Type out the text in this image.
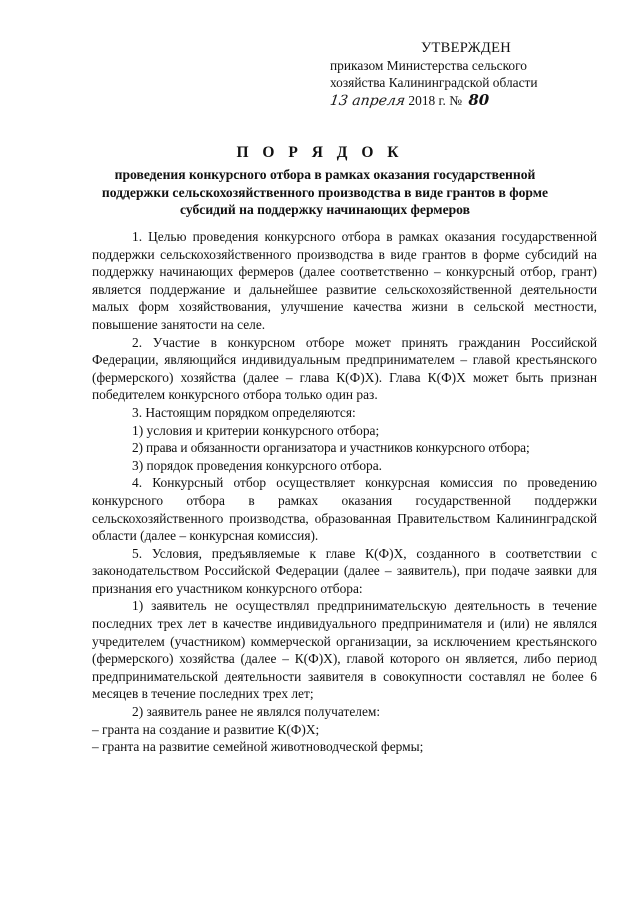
УТВЕРЖДЕН
приказом Министерства сельского
хозяйства Калининградской области
13 апреля 2018 г. № 80
П О Р Я Д О К
проведения конкурсного отбора в рамках оказания государственной поддержки сельскохозяйственного производства в виде грантов в форме субсидий на поддержку начинающих фермеров

1. Целью проведения конкурсного отбора в рамках оказания государственной поддержки сельскохозяйственного производства в виде грантов в форме субсидий на поддержку начинающих фермеров (далее соответственно – конкурсный отбор, грант) является поддержание и дальнейшее развитие сельскохозяйственной деятельности малых форм хозяйствования, улучшение качества жизни в сельской местности, повышение занятости на селе.

2. Участие в конкурсном отборе может принять гражданин Российской Федерации, являющийся индивидуальным предпринимателем – главой крестьянского (фермерского) хозяйства (далее – глава К(Ф)Х). Глава К(Ф)Х может быть признан победителем конкурсного отбора только один раз.

3. Настоящим порядком определяются:

1) условия и критерии конкурсного отбора;

2) права и обязанности организатора и участников конкурсного отбора;

3) порядок проведения конкурсного отбора.

4. Конкурсный отбор осуществляет конкурсная комиссия по проведению конкурсного отбора в рамках оказания государственной поддержки сельскохозяйственного производства, образованная Правительством Калининградской области (далее – конкурсная комиссия).

5. Условия, предъявляемые к главе К(Ф)Х, созданного в соответствии с законодательством Российской Федерации (далее – заявитель), при подаче заявки для признания его участником конкурсного отбора:

1) заявитель не осуществлял предпринимательскую деятельность в течение последних трех лет в качестве индивидуального предпринимателя и (или) не являлся учредителем (участником) коммерческой организации, за исключением крестьянского (фермерского) хозяйства (далее – К(Ф)Х), главой которого он является, либо период предпринимательской деятельности заявителя в совокупности составлял не более 6 месяцев в течение последних трех лет;

2) заявитель ранее не являлся получателем:

– гранта на создание и развитие К(Ф)Х;

– гранта на развитие семейной животноводческой фермы;
